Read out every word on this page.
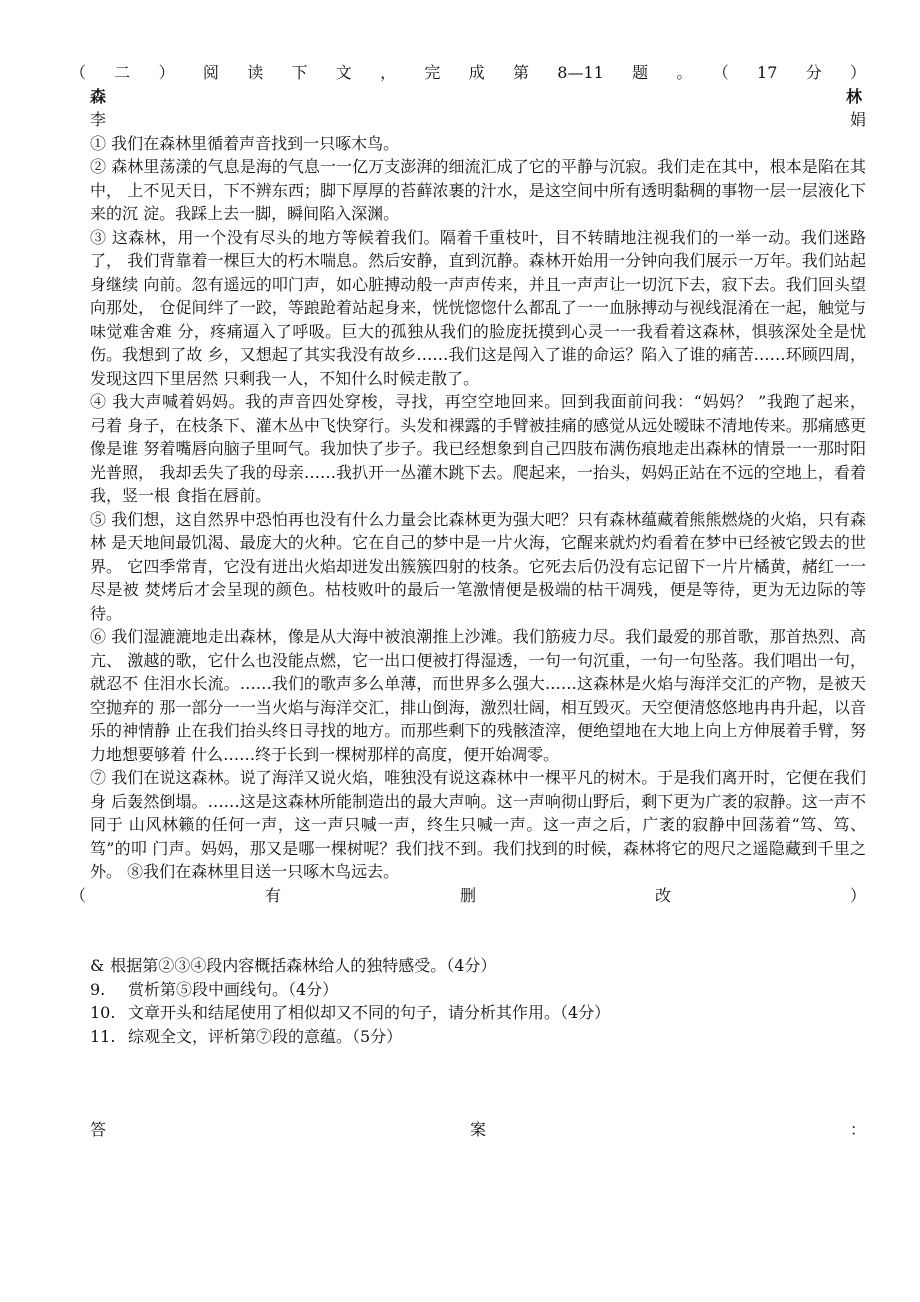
（二）阅读下文，完成第8—11题。（17分）
森 林
李娟
① 我们在森林里循着声音找到一只啄木鸟。
② 森林里荡漾的气息是海的气息一一亿万支澎湃的细流汇成了它的平静与沉寂。我们走在其中，根本是陷在其
中， 上不见天日，下不辨东西；脚下厚厚的苔藓浓裹的汁水，是这空间中所有透明黏稠的事物一层一层液化下
来的沉 淀。我踩上去一脚，瞬间陷入深渊。
③ 这森林，用一个没有尽头的地方等候着我们。隔着千重枝叶，目不转睛地注视我们的一举一动。我们迷路
了， 我们背靠着一棵巨大的朽木喘息。然后安静，直到沉静。森林开始用一分钟向我们展示一万年。我们站起
身继续 向前。忽有遥远的叩门声，如心脏搏动般一声声传来，并且一声声让一切沉下去，寂下去。我们回头望
向那处， 仓促间绊了一跤，等踉跄着站起身来，恍恍惚惚什么都乱了一一血脉搏动与视线混淆在一起，触觉与
味觉难舍难 分，疼痛逼入了呼吸。巨大的孤独从我们的脸庞抚摸到心灵一一我看着这森林，惧骇深处全是忧
伤。我想到了故 乡，又想起了其实我没有故乡……我们这是闯入了谁的命运？陷入了谁的痛苦……环顾四周，
发现这四下里居然 只剩我一人，不知什么时候走散了。
④ 我大声喊着妈妈。我的声音四处穿梭，寻找，再空空地回来。回到我面前问我：“妈妈？ ”我跑了起来，
弓着 身子，在枝条下、灌木丛中飞快穿行。头发和裸露的手臂被挂痛的感觉从远处暧昧不清地传来。那痛感更
像是谁 努着嘴唇向脑子里呵气。我加快了步子。我已经想象到自己四肢布满伤痕地走出森林的情景一一那时阳
光普照， 我却丢失了我的母亲……我扒开一丛灌木跳下去。爬起来，一抬头，妈妈正站在不远的空地上，看着
我，竖一根 食指在唇前。
⑤ 我们想，这自然界中恐怕再也没有什么力量会比森林更为强大吧？只有森林蕴藏着熊熊燃烧的火焰，只有森
林 是天地间最饥渴、最庞大的火种。它在自己的梦中是一片火海，它醒来就灼灼看着在梦中已经被它毁去的世
界。 它四季常青，它没有迸出火焰却迸发出簇簇四射的枝条。它死去后仍没有忘记留下一片片橘黄，赭红一一
尽是被 焚烤后才会呈现的颜色。枯枝败叶的最后一笔激情便是极端的枯干凋残，便是等待，更为无边际的等
待。
⑥ 我们湿漉漉地走出森林，像是从大海中被浪潮推上沙滩。我们筋疲力尽。我们最爱的那首歌，那首热烈、高
亢、 激越的歌，它什么也没能点燃，它一出口便被打得湿透，一句一句沉重，一句一句坠落。我们唱出一句，
就忍不 住泪水长流。……我们的歌声多么单薄，而世界多么强大……这森林是火焰与海洋交汇的产物，是被天
空抛弃的 那一部分一一当火焰与海洋交汇，排山倒海，激烈壮阔，相互毁灭。天空便清悠悠地冉冉升起，以音
乐的神情静 止在我们抬头终日寻找的地方。而那些剩下的残骸渣滓，便绝望地在大地上向上方伸展着手臂，努
力地想要够着 什么……终于长到一棵树那样的高度，便开始凋零。
⑦ 我们在说这森林。说了海洋又说火焰，唯独没有说这森林中一棵平凡的树木。于是我们离开时，它便在我们
身 后轰然倒塌。……这是这森林所能制造出的最大声响。这一声响彻山野后，剩下更为广袤的寂静。这一声不
同于 山风林籁的任何一声，这一声只喊一声，终生只喊一声。这一声之后，广袤的寂静中回荡着“笃、笃、
笃”的叩 门声。妈妈，那又是哪一棵树呢？我们找不到。我们找到的时候，森林将它的咫尺之遥隐藏到千里之
外。 ⑧我们在森林里目送一只啄木鸟远去。
（有删改）
& 根据第②③④段内容概括森林给人的独特感受。（4分）
9.	赏析第⑤段中画线句。（4分）
10. 文章开头和结尾使用了相似却又不同的句子，请分析其作用。（4分）
11. 综观全文，评析第⑦段的意蕴。（5分）
答案：
